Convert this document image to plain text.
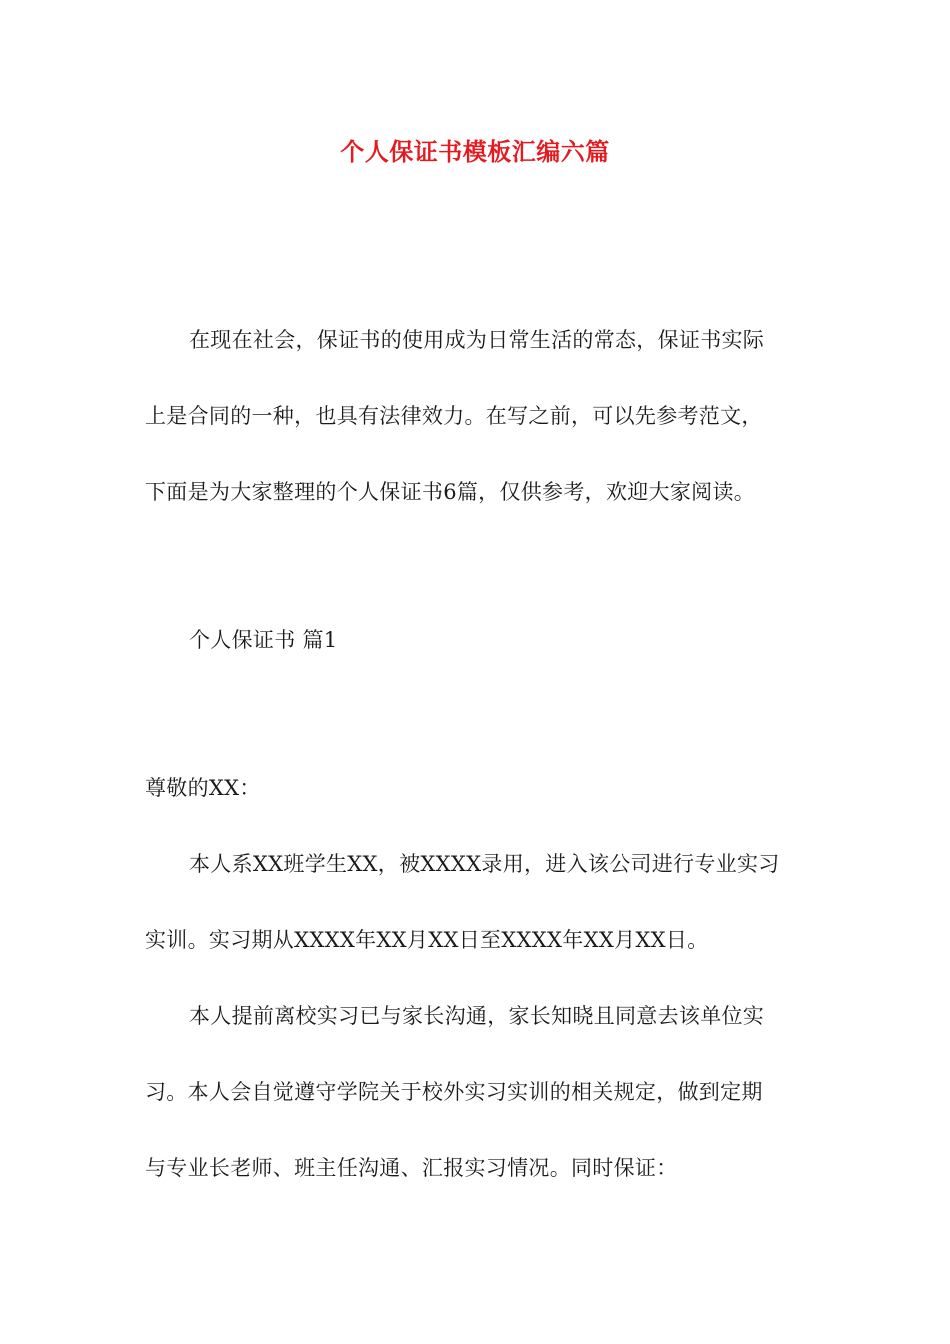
个人保证书模板汇编六篇
在现在社会，保证书的使用成为日常生活的常态，保证书实际
上是合同的一种，也具有法律效力。在写之前，可以先参考范文，
下面是为大家整理的个人保证书6篇，仅供参考，欢迎大家阅读。
个人保证书 篇1
尊敬的XX：
本人系XX班学生XX，被XXXX录用，进入该公司进行专业实习
实训。实习期从XXXX年XX月XX日至XXXX年XX月XX日。
本人提前离校实习已与家长沟通，家长知晓且同意去该单位实
习。本人会自觉遵守学院关于校外实习实训的相关规定，做到定期
与专业长老师、班主任沟通、汇报实习情况。同时保证：
